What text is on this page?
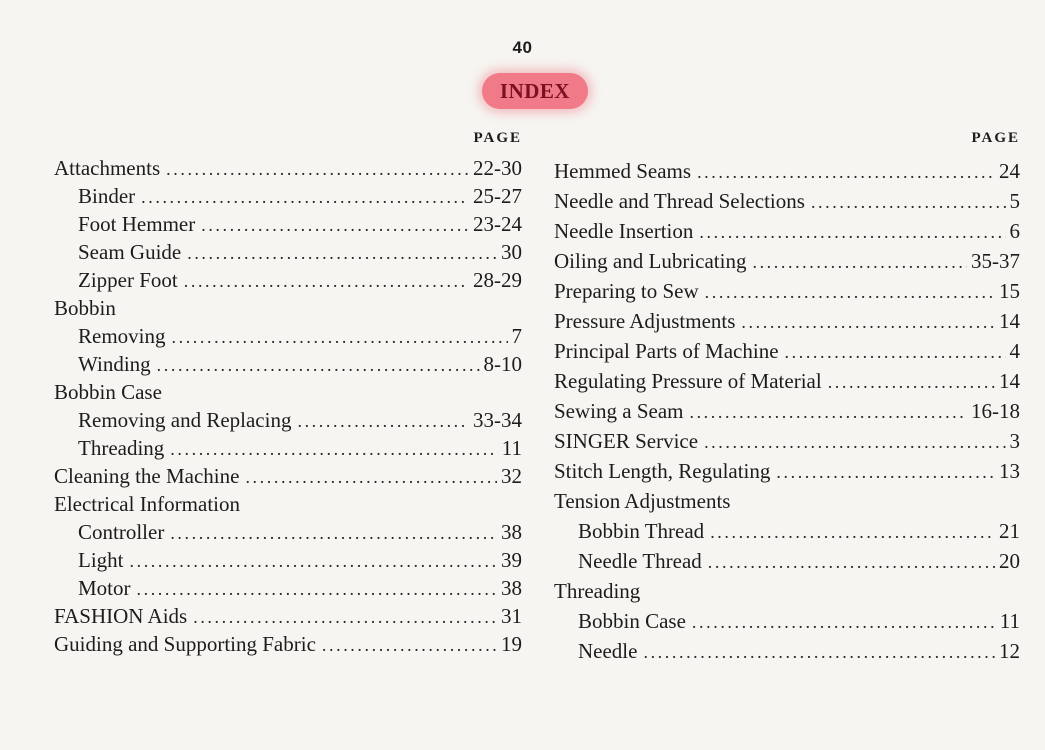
40
INDEX
PAGE
Attachments .....	22-30
Binder .....	25-27
Foot Hemmer .....	23-24
Seam Guide .....	30
Zipper Foot .....	28-29
Bobbin
Removing .....	7
Winding .....	8-10
Bobbin Case
Removing and Replacing .....	33-34
Threading .....	11
Cleaning the Machine .....	32
Electrical Information
Controller .....	38
Light .....	39
Motor .....	38
FASHION Aids .....	31
Guiding and Supporting Fabric .....	19
PAGE
Hemmed Seams .....	24
Needle and Thread Selections .....	5
Needle Insertion .....	6
Oiling and Lubricating .....	35-37
Preparing to Sew .....	15
Pressure Adjustments .....	14
Principal Parts of Machine .....	4
Regulating Pressure of Material .....	14
Sewing a Seam .....	16-18
SINGER Service .....	3
Stitch Length, Regulating .....	13
Tension Adjustments
Bobbin Thread .....	21
Needle Thread .....	20
Threading
Bobbin Case .....	11
Needle .....	12
